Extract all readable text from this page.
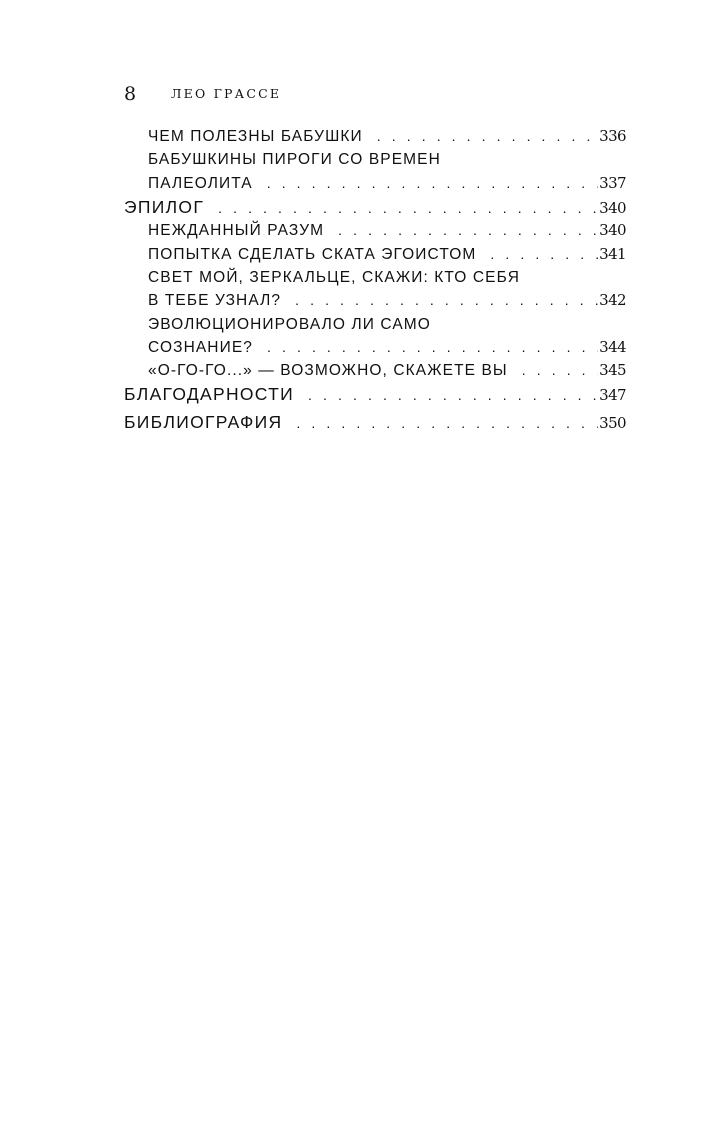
8	ЛЕО ГРАССЕ
ЧЕМ ПОЛЕЗНЫ БАБУШКИ . . .	336
БАБУШКИНЫ ПИРОГИ СО ВРЕМЕН
ПАЛЕОЛИТА . . .	337
ЭПИЛОГ . . .	340
НЕЖДАННЫЙ РАЗУМ . . .	340
ПОПЫТКА СДЕЛАТЬ СКАТА ЭГОИСТОМ . . .	341
СВЕТ МОЙ, ЗЕРКАЛЬЦЕ, СКАЖИ: КТО СЕБЯ
В ТЕБЕ УЗНАЛ? . . .	342
ЭВОЛЮЦИОНИРОВАЛО ЛИ САМО
СОЗНАНИЕ? . . .	344
«О-ГО-ГО...» — ВОЗМОЖНО, СКАЖЕТЕ ВЫ . . .	345
БЛАГОДАРНОСТИ . . .	347
БИБЛИОГРАФИЯ . . .	350
